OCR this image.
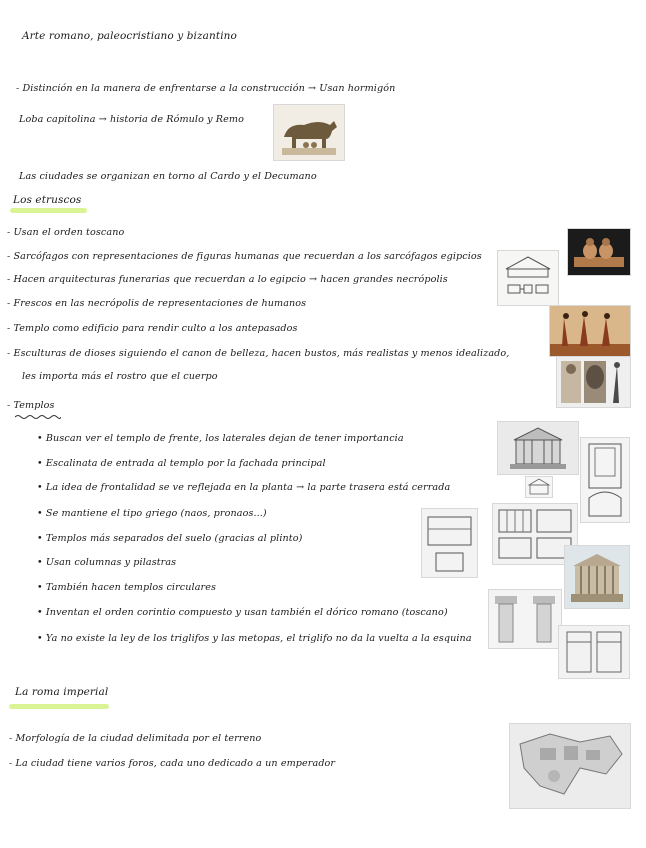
Arte romano, paleocristiano y bizantino
- Distinción en la manera de enfrentarse a la construcción → Usan hormigón
Loba capitolina → historia de Rómulo y Remo
Las ciudades se organizan en torno al Cardo y el Decumano
Los etruscos
- Usan el orden toscano
- Sarcófagos con representaciones de figuras humanas que recuerdan a los sarcófagos egipcios
- Hacen arquitecturas funerarias que recuerdan a lo egipcio → hacen grandes necrópolis
- Frescos en las necrópolis de representaciones de humanos
- Templo como edificio para rendir culto a los antepasados
- Esculturas de dioses siguiendo el canon de belleza, hacen bustos, más realistas y menos idealizado,
les importa más el rostro que el cuerpo
- Templos
• Buscan ver el templo de frente, los laterales dejan de tener importancia
• Escalinata de entrada al templo por la fachada principal
• La idea de frontalidad se ve reflejada en la planta → la parte trasera está cerrada
• Se mantiene el tipo griego (naos, pronaos...)
• Templos más separados del suelo (gracias al plinto)
• Usan columnas y pilastras
• También hacen templos circulares
• Inventan el orden corintio compuesto y usan también el dórico romano (toscano)
• Ya no existe la ley de los triglifos y las metopas, el triglifo no da la vuelta a la esquina
La roma imperial
- Morfología de la ciudad delimitada por el terreno
- La ciudad tiene varios foros, cada uno dedicado a un emperador
